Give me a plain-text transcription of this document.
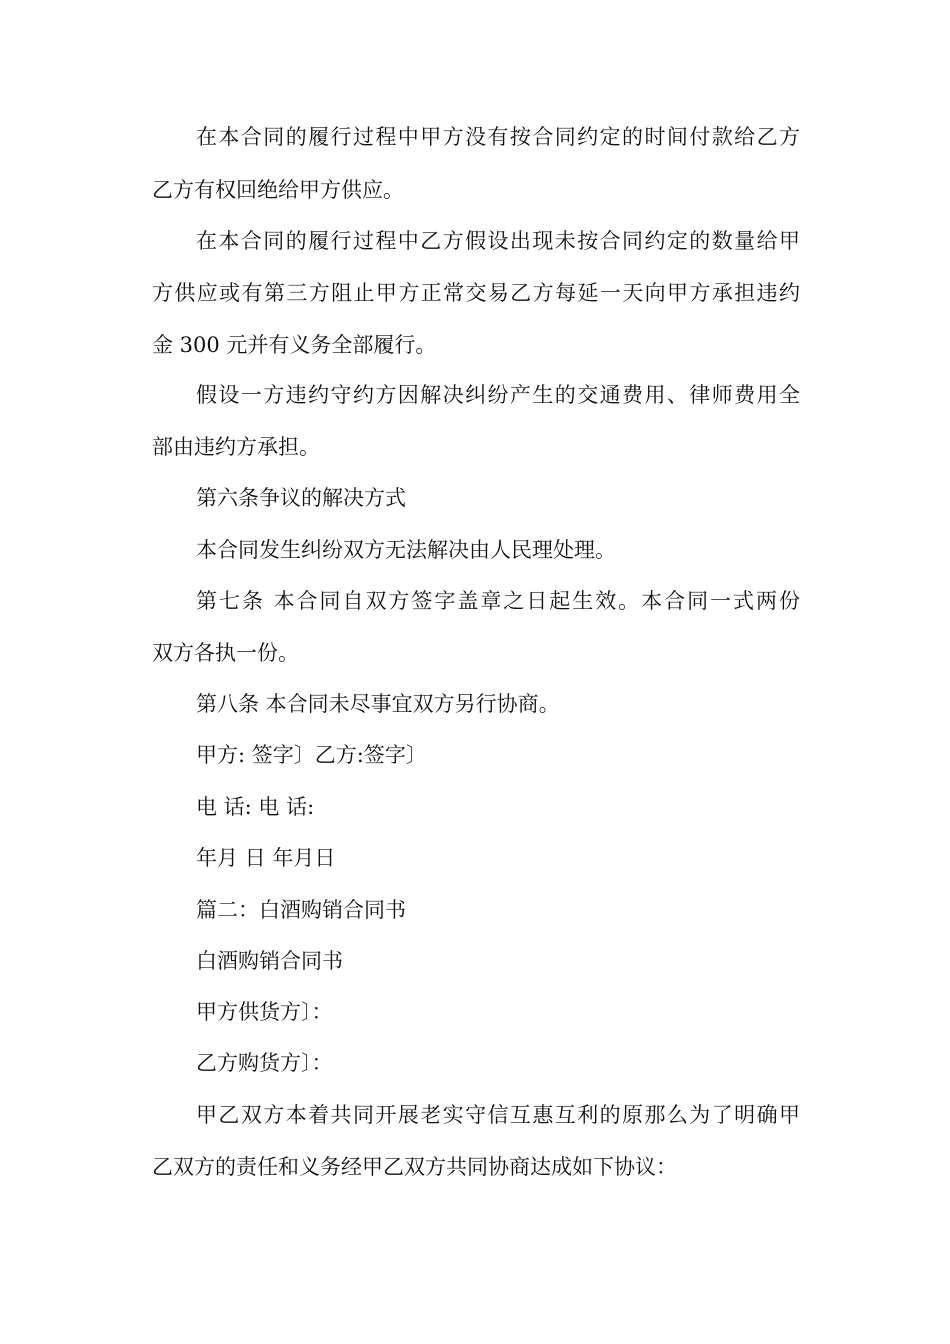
在本合同的履行过程中甲方没有按合同约定的时间付款给乙方
乙方有权回绝给甲方供应。
在本合同的履行过程中乙方假设出现未按合同约定的数量给甲
方供应或有第三方阻止甲方正常交易乙方每延一天向甲方承担违约
金 300 元并有义务全部履行。
假设一方违约守约方因解决纠纷产生的交通费用、律师费用全
部由违约方承担。
第六条争议的解决方式
本合同发生纠纷双方无法解决由人民理处理。
第七条 本合同自双方签字盖章之日起生效。本合同一式两份
双方各执一份。
第八条 本合同未尽事宜双方另行协商。
甲方: 签字〕乙方:签字〕
电 话: 电 话:
年月 日 年月日
篇二：白酒购销合同书
白酒购销合同书
甲方供货方〕：
乙方购货方〕：
甲乙双方本着共同开展老实守信互惠互利的原那么为了明确甲
乙双方的责任和义务经甲乙双方共同协商达成如下协议：
